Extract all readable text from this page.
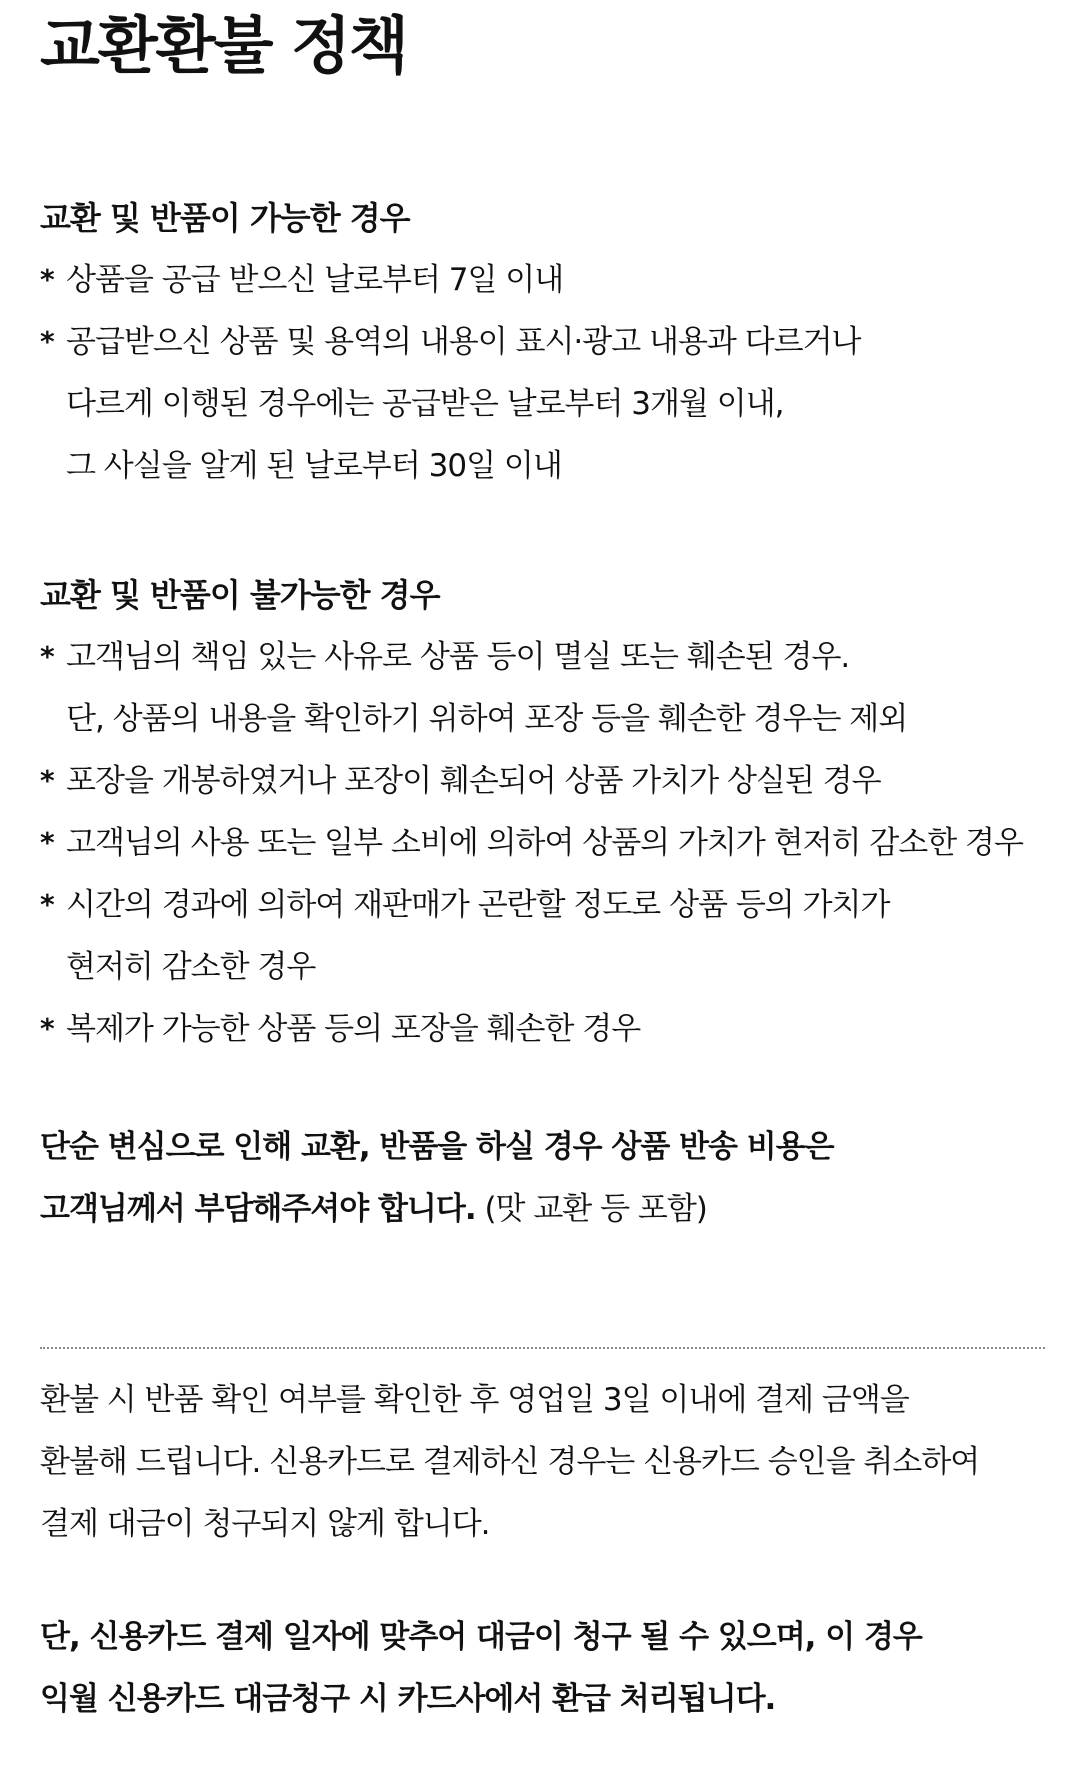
교환환불 정책
교환 및 반품이 가능한 경우
* 상품을 공급 받으신 날로부터 7일 이내
* 공급받으신 상품 및 용역의 내용이 표시·광고 내용과 다르거나
다르게 이행된 경우에는 공급받은 날로부터 3개월 이내,
그 사실을 알게 된 날로부터 30일 이내
교환 및 반품이 불가능한 경우
* 고객님의 책임 있는 사유로 상품 등이 멸실 또는 훼손된 경우.
단, 상품의 내용을 확인하기 위하여 포장 등을 훼손한 경우는 제외
* 포장을 개봉하였거나 포장이 훼손되어 상품 가치가 상실된 경우
* 고객님의 사용 또는 일부 소비에 의하여 상품의 가치가 현저히 감소한 경우
* 시간의 경과에 의하여 재판매가 곤란할 정도로 상품 등의 가치가
현저히 감소한 경우
* 복제가 가능한 상품 등의 포장을 훼손한 경우
단순 변심으로 인해 교환, 반품을 하실 경우 상품 반송 비용은
고객님께서 부담해주셔야 합니다. (맛 교환 등 포함)
환불 시 반품 확인 여부를 확인한 후 영업일 3일 이내에 결제 금액을
환불해 드립니다. 신용카드로 결제하신 경우는 신용카드 승인을 취소하여
결제 대금이 청구되지 않게 합니다.
단, 신용카드 결제 일자에 맞추어 대금이 청구 될 수 있으며, 이 경우
익월 신용카드 대금청구 시 카드사에서 환급 처리됩니다.
